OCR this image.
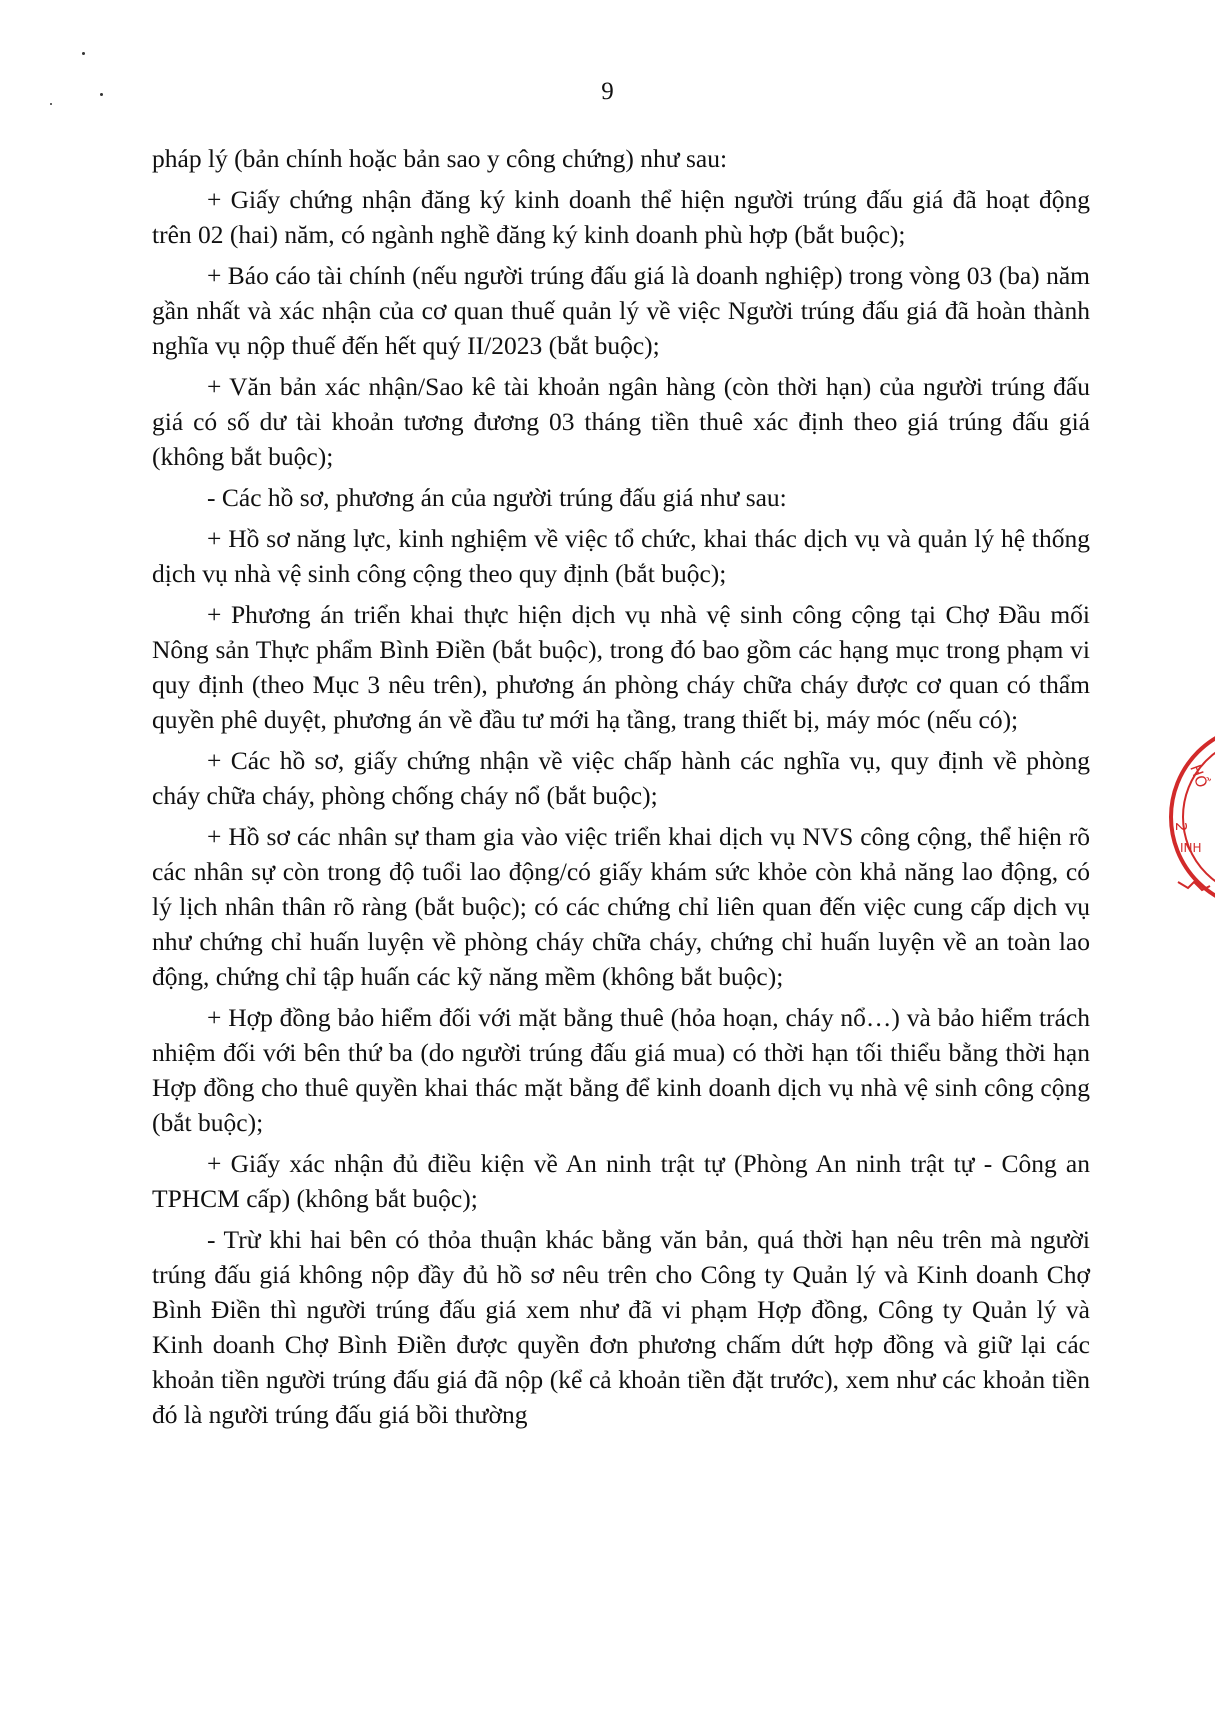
9

pháp lý (bản chính hoặc bản sao y công chứng) như sau:

+ Giấy chứng nhận đăng ký kinh doanh thể hiện người trúng đấu giá đã hoạt động trên 02 (hai) năm, có ngành nghề đăng ký kinh doanh phù hợp (bắt buộc);

+ Báo cáo tài chính (nếu người trúng đấu giá là doanh nghiệp) trong vòng 03 (ba) năm gần nhất và xác nhận của cơ quan thuế quản lý về việc Người trúng đấu giá đã hoàn thành nghĩa vụ nộp thuế đến hết quý II/2023 (bắt buộc);

+ Văn bản xác nhận/Sao kê tài khoản ngân hàng (còn thời hạn) của người trúng đấu giá có số dư tài khoản tương đương 03 tháng tiền thuê xác định theo giá trúng đấu giá (không bắt buộc);

- Các hồ sơ, phương án của người trúng đấu giá như sau:

+ Hồ sơ năng lực, kinh nghiệm về việc tổ chức, khai thác dịch vụ và quản lý hệ thống dịch vụ nhà vệ sinh công cộng theo quy định (bắt buộc);

+ Phương án triển khai thực hiện dịch vụ nhà vệ sinh công cộng tại Chợ Đầu mối Nông sản Thực phẩm Bình Điền (bắt buộc), trong đó bao gồm các hạng mục trong phạm vi quy định (theo Mục 3 nêu trên), phương án phòng cháy chữa cháy được cơ quan có thẩm quyền phê duyệt, phương án về đầu tư mới hạ tầng, trang thiết bị, máy móc (nếu có);

+ Các hồ sơ, giấy chứng nhận về việc chấp hành các nghĩa vụ, quy định về phòng cháy chữa cháy, phòng chống cháy nổ (bắt buộc);

+ Hồ sơ các nhân sự tham gia vào việc triển khai dịch vụ NVS công cộng, thể hiện rõ các nhân sự còn trong độ tuổi lao động/có giấy khám sức khỏe còn khả năng lao động, có lý lịch nhân thân rõ ràng (bắt buộc); có các chứng chỉ liên quan đến việc cung cấp dịch vụ như chứng chỉ huấn luyện về phòng cháy chữa cháy, chứng chỉ huấn luyện về an toàn lao động, chứng chỉ tập huấn các kỹ năng mềm (không bắt buộc);

+ Hợp đồng bảo hiểm đối với mặt bằng thuê (hỏa hoạn, cháy nổ…) và bảo hiểm trách nhiệm đối với bên thứ ba (do người trúng đấu giá mua) có thời hạn tối thiểu bằng thời hạn Hợp đồng cho thuê quyền khai thác mặt bằng để kinh doanh dịch vụ nhà vệ sinh công cộng (bắt buộc);

+ Giấy xác nhận đủ điều kiện về An ninh trật tự (Phòng An ninh trật tự - Công an TPHCM cấp) (không bắt buộc);

- Trừ khi hai bên có thỏa thuận khác bằng văn bản, quá thời hạn nêu trên mà người trúng đấu giá không nộp đầy đủ hồ sơ nêu trên cho Công ty Quản lý và Kinh doanh Chợ Bình Điền thì người trúng đấu giá xem như đã vi phạm Hợp đồng, Công ty Quản lý và Kinh doanh Chợ Bình Điền được quyền đơn phương chấm dứt hợp đồng và giữ lại các khoản tiền người trúng đấu giá đã nộp (kể cả khoản tiền đặt trước), xem như các khoản tiền đó là người trúng đấu giá bồi thường

HỒ
2
INH
